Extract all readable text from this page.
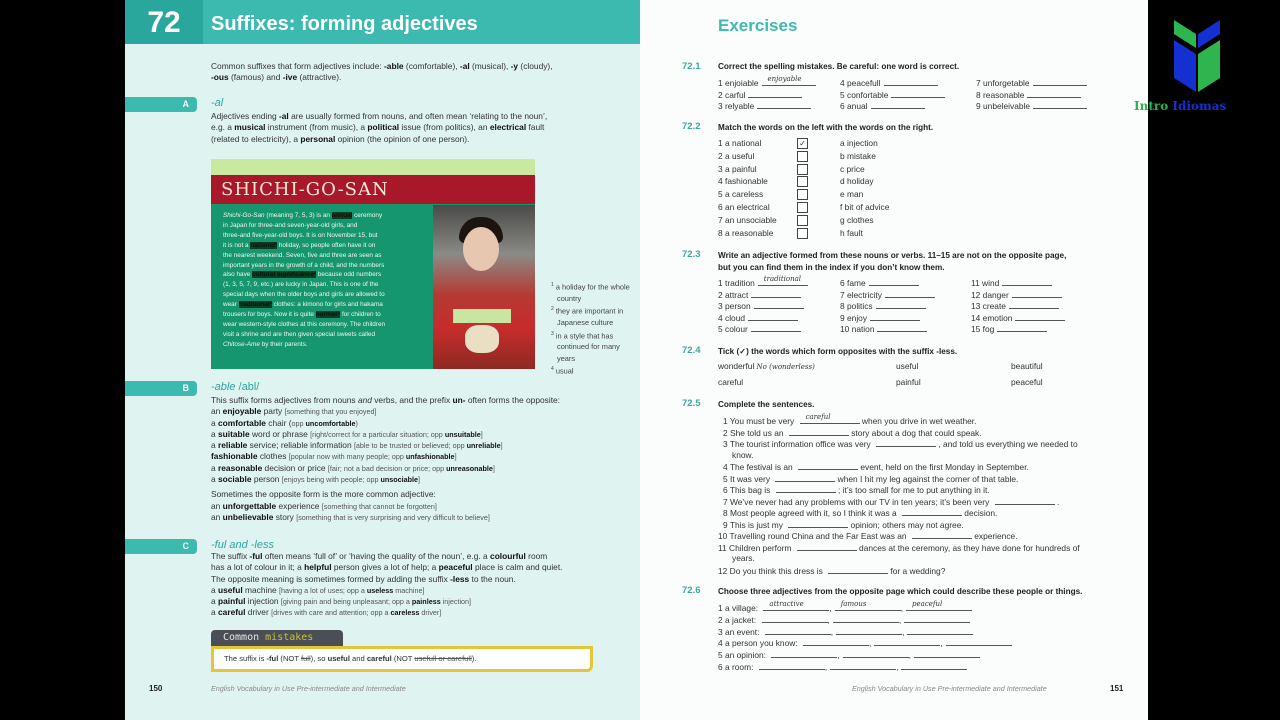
72	Suffixes: forming adjectives
Common suffixes that form adjectives include: -able (comfortable), -al (musical), -y (cloudy),
-ous (famous) and -ive (attractive).
A	-al
Adjectives ending -al are usually formed from nouns, and often mean ‘relating to the noun’,
e.g. a musical instrument (from music), a political issue (from politics), an electrical fault
(related to electricity), a personal opinion (the opinion of one person).
SHICHI-GO-SAN
Shichi-Go-San (meaning 7, 5, 3) is an annual ceremony
in Japan for three-and seven-year-old girls, and
three-and five-year-old boys. It is on November 15, but
it is not a national¹ holiday, so people often have it on
the nearest weekend. Seven, five and three are seen as
important years in the growth of a child, and the numbers
also have cultural significance² because odd numbers
(1, 3, 5, 7, 9, etc.) are lucky in Japan. This is one of the
special days when the older boys and girls are allowed to
wear traditional³ clothes: a kimono for girls and hakama
trousers for boys. Now it is quite normal⁴ for children to
wear western-style clothes at this ceremony. The children
visit a shrine and are then given special sweets called
Chitose-Ame by their parents.
$^1$ a holiday for the whole country
$^2$ they are important in Japanese culture
$^3$ in a style that has continued for many years
$^4$ usual
B	-able /abl/
This suffix forms adjectives from nouns and verbs, and the prefix un- often forms the opposite:
an enjoyable party [something that you enjoyed]
a comfortable chair (opp uncomfortable)
a suitable word or phrase [right/correct for a particular situation; opp unsuitable]
a reliable service; reliable information [able to be trusted or believed; opp unreliable]
fashionable clothes [popular now with many people; opp unfashionable]
a reasonable decision or price [fair; not a bad decision or price; opp unreasonable]
a sociable person [enjoys being with people; opp unsociable]
Sometimes the opposite form is the more common adjective:
an unforgettable experience [something that cannot be forgotten]
an unbelievable story [something that is very surprising and very difficult to believe]
C	-ful and -less
The suffix -ful often means ‘full of’ or ‘having the quality of the noun’, e.g. a colourful room
has a lot of colour in it; a helpful person gives a lot of help; a peaceful place is calm and quiet.
The opposite meaning is sometimes formed by adding the suffix -less to the noun.
a useful machine [having a lot of uses; opp a useless machine]
a painful injection [giving pain and being unpleasant; opp a painless injection]
a careful driver [drives with care and attention; opp a careless driver]
Common mistakes
The suffix is -ful (NOT full), so useful and careful (NOT usefull or carefull).
150	English Vocabulary in Use Pre-intermediate and Intermediate
Exercises
72.1 Correct the spelling mistakes. Be careful: one word is correct.
72.2 Match the words on the left with the words on the right.
72.3 Write an adjective formed from these nouns or verbs. 11–15 are not on the opposite page,
but you can find them in the index if you don’t know them.
72.4 Tick (✓) the words which form opposites with the suffix -less.
72.5 Complete the sentences.
72.6 Choose three adjectives from the opposite page which could describe these people or things.
English Vocabulary in Use Pre-intermediate and Intermediate	151
1 enjoiable enjoyable
2 carful
3 relyable
4 peacefull
5 confortable
6 anual
7 unforgetable
8 reasonable
9 unbeleivable
1 a national	✓
2 a useful
3 a painful
4 fashionable
5 a careless
6 an electrical
7 an unsociable
8 a reasonable
a injection
b mistake
c price
d holiday
e man
f bit of advice
g clothes
h fault
1 tradition traditional
2 attract
3 person
4 cloud
5 colour
6 fame
7 electricity
8 politics
9 enjoy
10 nation
11 wind
12 danger
13 create
14 emotion
15 fog
wonderful No (wonderless)	useful	beautiful
careful	painful	peaceful
1 You must be very careful	when you drive in wet weather.
2 She told us an	story about a dog that could speak.
3 The tourist information office was very	, and told us everything we needed to
know.
4 The festival is an	event, held on the first Monday in September.
5 It was very	when I hit my leg against the corner of that table.
6 This bag is	; it’s too small for me to put anything in it.
7 We’ve never had any problems with our TV in ten years; it’s been very	.
8 Most people agreed with it, so I think it was a	decision.
9 This is just my	opinion; others may not agree.
10 Travelling round China and the Far East was an	experience.
11 Children perform	dances at the ceremony, as they have done for hundreds of
years.
12 Do you think this dress is	for a wedding?
1 a village: attractive	, famous	, peaceful
2 a jacket:	,	,
3 an event:	,	,
4 a person you know:	,	,
5 an opinion:	,	,
6 a room:	,	,
Intro Idiomas
